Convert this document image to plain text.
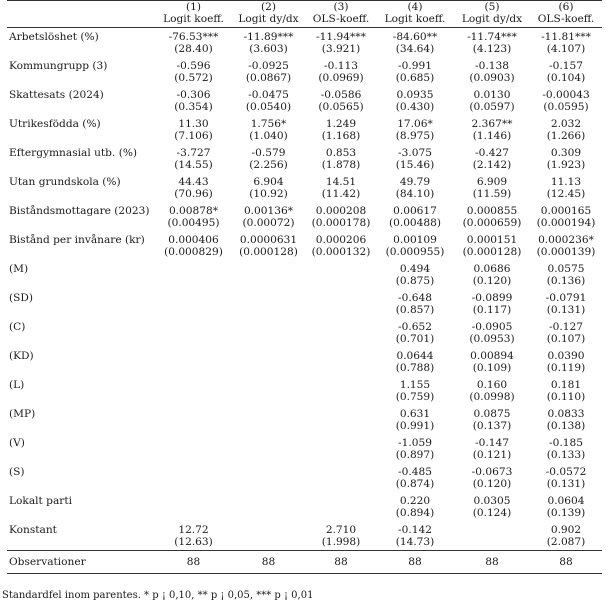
	(1)	(2)	(3)	(4)	(5)	(6)
	Logit koeff.	Logit dy/dx	OLS-koeff.	Logit koeff.	Logit dy/dx	OLS-koeff.
Arbetslöshet (%)	-76.53***	-11.89***	-11.94***	-84.60**	-11.74***	-11.81***
	(28.40)	(3.603)	(3.921)	(34.64)	(4.123)	(4.107)
Kommungrupp (3)	-0.596	-0.0925	-0.113	-0.991	-0.138	-0.157
	(0.572)	(0.0867)	(0.0969)	(0.685)	(0.0903)	(0.104)
Skattesats (2024)	-0.306	-0.0475	-0.0586	0.0935	0.0130	-0.00043
	(0.354)	(0.0540)	(0.0565)	(0.430)	(0.0597)	(0.0595)
Utrikesfödda (%)	11.30	1.756*	1.249	17.06*	2.367**	2.032
	(7.106)	(1.040)	(1.168)	(8.975)	(1.146)	(1.266)
Eftergymnasial utb. (%)	-3.727	-0.579	0.853	-3.075	-0.427	0.309
	(14.55)	(2.256)	(1.878)	(15.46)	(2.142)	(1.923)
Utan grundskola (%)	44.43	6.904	14.51	49.79	6.909	11.13
	(70.96)	(10.92)	(11.42)	(84.10)	(11.59)	(12.45)
Biståndsmottagare (2023)	0.00878*	0.00136*	0.000208	0.00617	0.000855	0.000165
	(0.00495)	(0.00072)	(0.000178)	(0.00488)	(0.000659)	(0.000194)
Bistånd per invånare (kr)	0.000406	0.0000631	0.000206	0.00109	0.000151	0.000236*
	(0.000829)	(0.000128)	(0.000132)	(0.000955)	(0.000128)	(0.000139)
(M)				0.494	0.0686	0.0575
				(0.875)	(0.120)	(0.136)
(SD)				-0.648	-0.0899	-0.0791
				(0.857)	(0.117)	(0.131)
(C)				-0.652	-0.0905	-0.127
				(0.701)	(0.0953)	(0.107)
(KD)				0.0644	0.00894	0.0390
				(0.788)	(0.109)	(0.119)
(L)				1.155	0.160	0.181
				(0.759)	(0.0998)	(0.110)
(MP)				0.631	0.0875	0.0833
				(0.991)	(0.137)	(0.138)
(V)				-1.059	-0.147	-0.185
				(0.897)	(0.121)	(0.133)
(S)				-0.485	-0.0673	-0.0572
				(0.874)	(0.120)	(0.131)
Lokalt parti				0.220	0.0305	0.0604
				(0.894)	(0.124)	(0.139)
Konstant	12.72		2.710	-0.142		0.902
	(12.63)		(1.998)	(14.73)		(2.087)
Observationer	88	88	88	88	88	88
Standardfel inom parentes. * p ¡ 0,10, ** p ¡ 0,05, *** p ¡ 0,01
